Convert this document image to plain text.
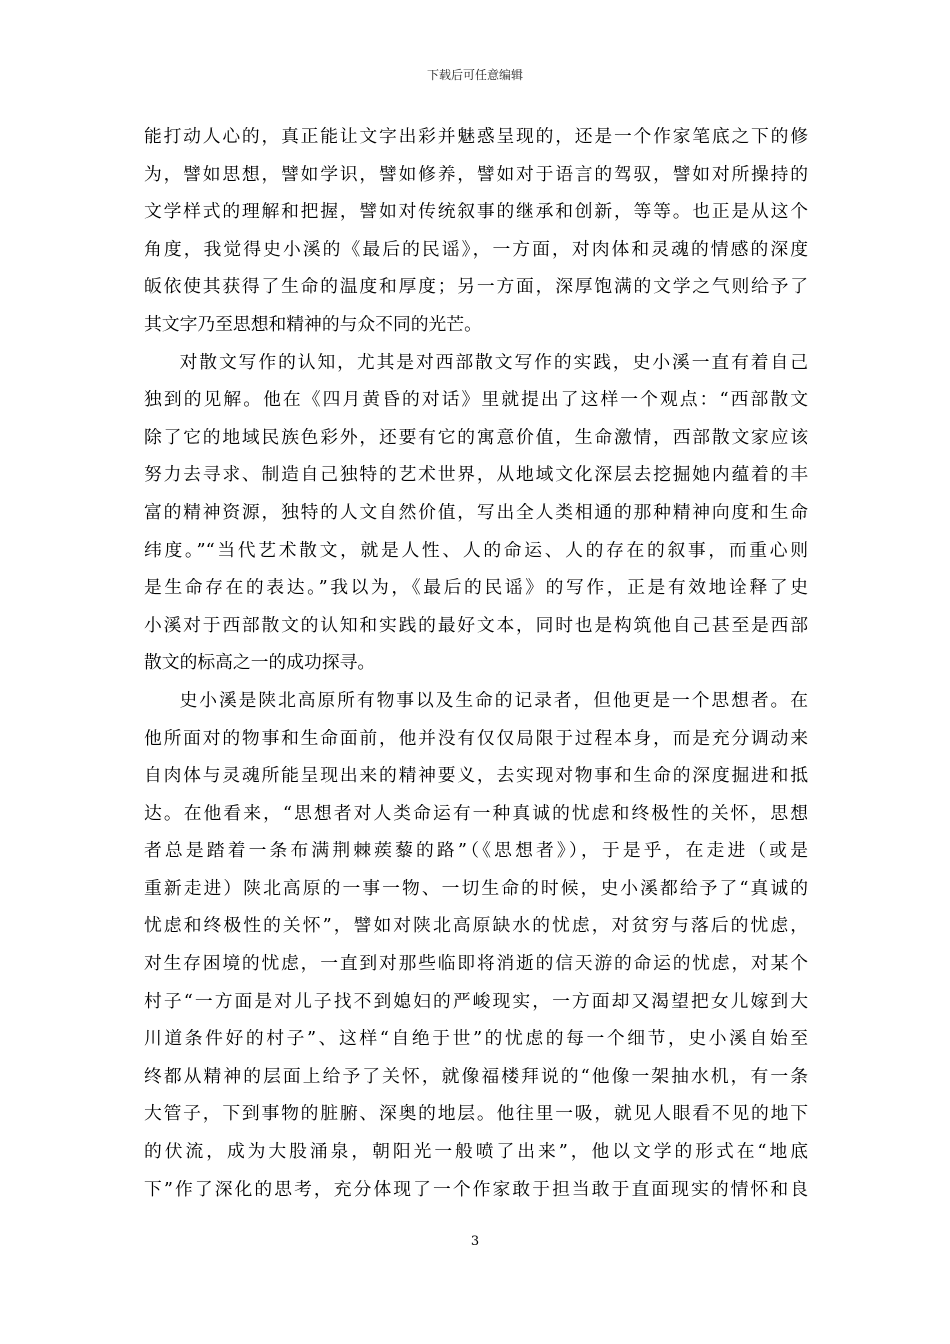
下载后可任意编辑
能打动人心的，真正能让文字出彩并魅惑呈现的，还是一个作家笔底之下的修
为，譬如思想，譬如学识，譬如修养，譬如对于语言的驾驭，譬如对所操持的
文学样式的理解和把握，譬如对传统叙事的继承和创新，等等。也正是从这个
角度，我觉得史小溪的《最后的民谣》，一方面，对肉体和灵魂的情感的深度
皈依使其获得了生命的温度和厚度；另一方面，深厚饱满的文学之气则给予了
其文字乃至思想和精神的与众不同的光芒。
对散文写作的认知，尤其是对西部散文写作的实践，史小溪一直有着自己
独到的见解。他在《四月黄昏的对话》里就提出了这样一个观点：“西部散文
除了它的地域民族色彩外，还要有它的寓意价值，生命激情，西部散文家应该
努力去寻求、制造自己独特的艺术世界，从地域文化深层去挖掘她内蕴着的丰
富的精神资源，独特的人文自然价值，写出全人类相通的那种精神向度和生命
纬度。”“当代艺术散文，就是人性、人的命运、人的存在的叙事，而重心则
是生命存在的表达。”我以为，《最后的民谣》的写作，正是有效地诠释了史
小溪对于西部散文的认知和实践的最好文本，同时也是构筑他自己甚至是西部
散文的标高之一的成功探寻。
史小溪是陕北高原所有物事以及生命的记录者，但他更是一个思想者。在
他所面对的物事和生命面前，他并没有仅仅局限于过程本身，而是充分调动来
自肉体与灵魂所能呈现出来的精神要义，去实现对物事和生命的深度掘进和抵
达。在他看来，“思想者对人类命运有一种真诚的忧虑和终极性的关怀，思想
者总是踏着一条布满荆棘蒺藜的路”（《思想者》），于是乎，在走进（或是
重新走进）陕北高原的一事一物、一切生命的时候，史小溪都给予了“真诚的
忧虑和终极性的关怀”，譬如对陕北高原缺水的忧虑，对贫穷与落后的忧虑，
对生存困境的忧虑，一直到对那些临即将消逝的信天游的命运的忧虑，对某个
村子“一方面是对儿子找不到媳妇的严峻现实，一方面却又渴望把女儿嫁到大
川道条件好的村子”、这样“自绝于世”的忧虑的每一个细节，史小溪自始至
终都从精神的层面上给予了关怀，就像福楼拜说的“他像一架抽水机，有一条
大管子，下到事物的脏腑、深奥的地层。他往里一吸，就见人眼看不见的地下
的伏流，成为大股涌泉，朝阳光一般喷了出来”，他以文学的形式在“地底
下”作了深化的思考，充分体现了一个作家敢于担当敢于直面现实的情怀和良
3
